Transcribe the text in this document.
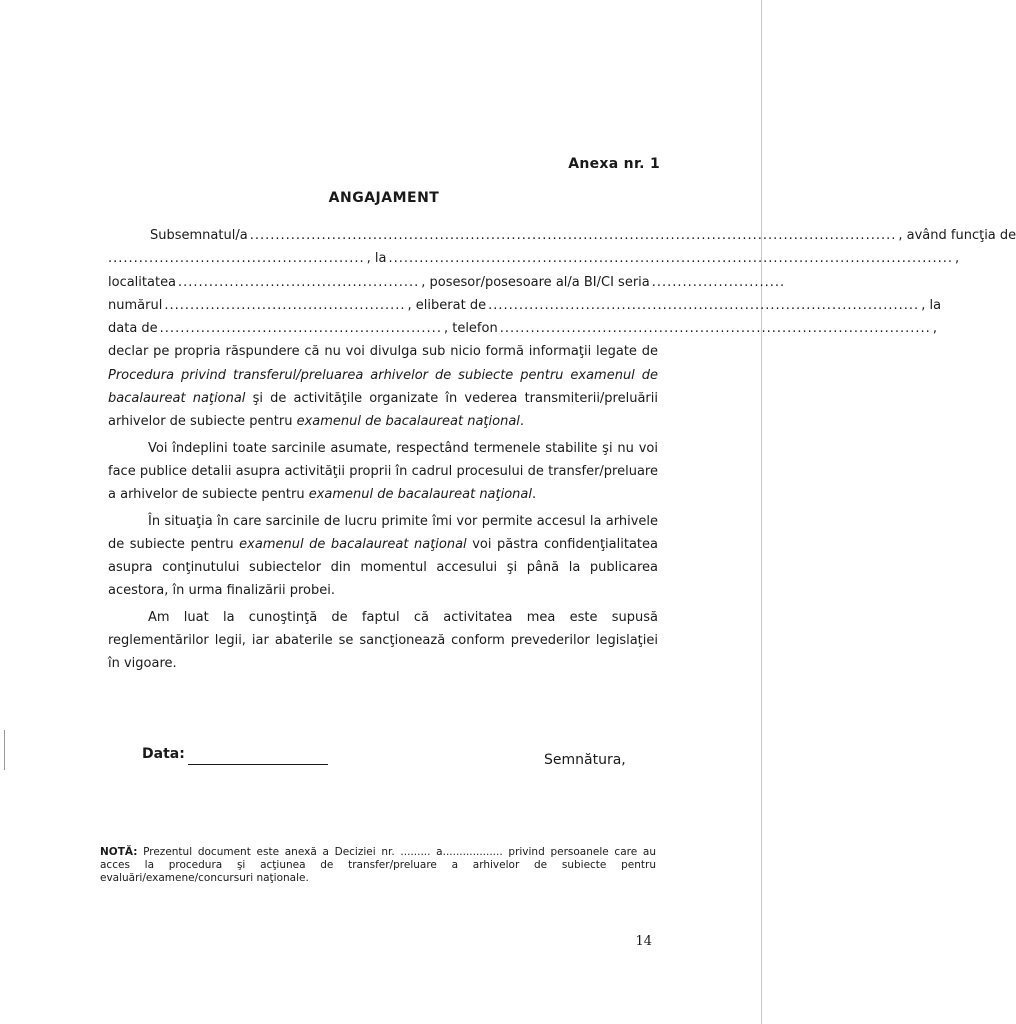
Anexa nr. 1
ANGAJAMENT
Subsemnatul/a .............................................................................................................................. , având funcţia de
.................................................. , la .............................................................................................................. ,
localitatea ............................................... , posesor/posesoare al/a BI/CI seria ..........................
numărul ............................................... , eliberat de .................................................................................... , la
data de ....................................................... , telefon .................................................................................... ,

declar pe propria răspundere că nu voi divulga sub nicio formă informaţii legate de Procedura privind transferul/preluarea arhivelor de subiecte pentru examenul de bacalaureat naţional şi de activităţile organizate în vederea transmiterii/preluării arhivelor de subiecte pentru examenul de bacalaureat naţional.

Voi îndeplini toate sarcinile asumate, respectând termenele stabilite şi nu voi face publice detalii asupra activităţii proprii în cadrul procesului de transfer/preluare a arhivelor de subiecte pentru examenul de bacalaureat naţional.

În situaţia în care sarcinile de lucru primite îmi vor permite accesul la arhivele de subiecte pentru examenul de bacalaureat naţional voi păstra confidenţialitatea asupra conţinutului subiectelor din momentul accesului şi până la publicarea acestora, în urma finalizării probei.

Am luat la cunoştinţă de faptul că activitatea mea este supusă reglementărilor legii, iar abaterile se sancţionează conform prevederilor legislaţiei în vigoare.

Data:	Semnătura,
NOTĂ: Prezentul document este anexă a Deciziei nr. ......... a.................. privind persoanele care au acces la procedura şi acţiunea de transfer/preluare a arhivelor de subiecte pentru evaluări/examene/concursuri naţionale.
14
